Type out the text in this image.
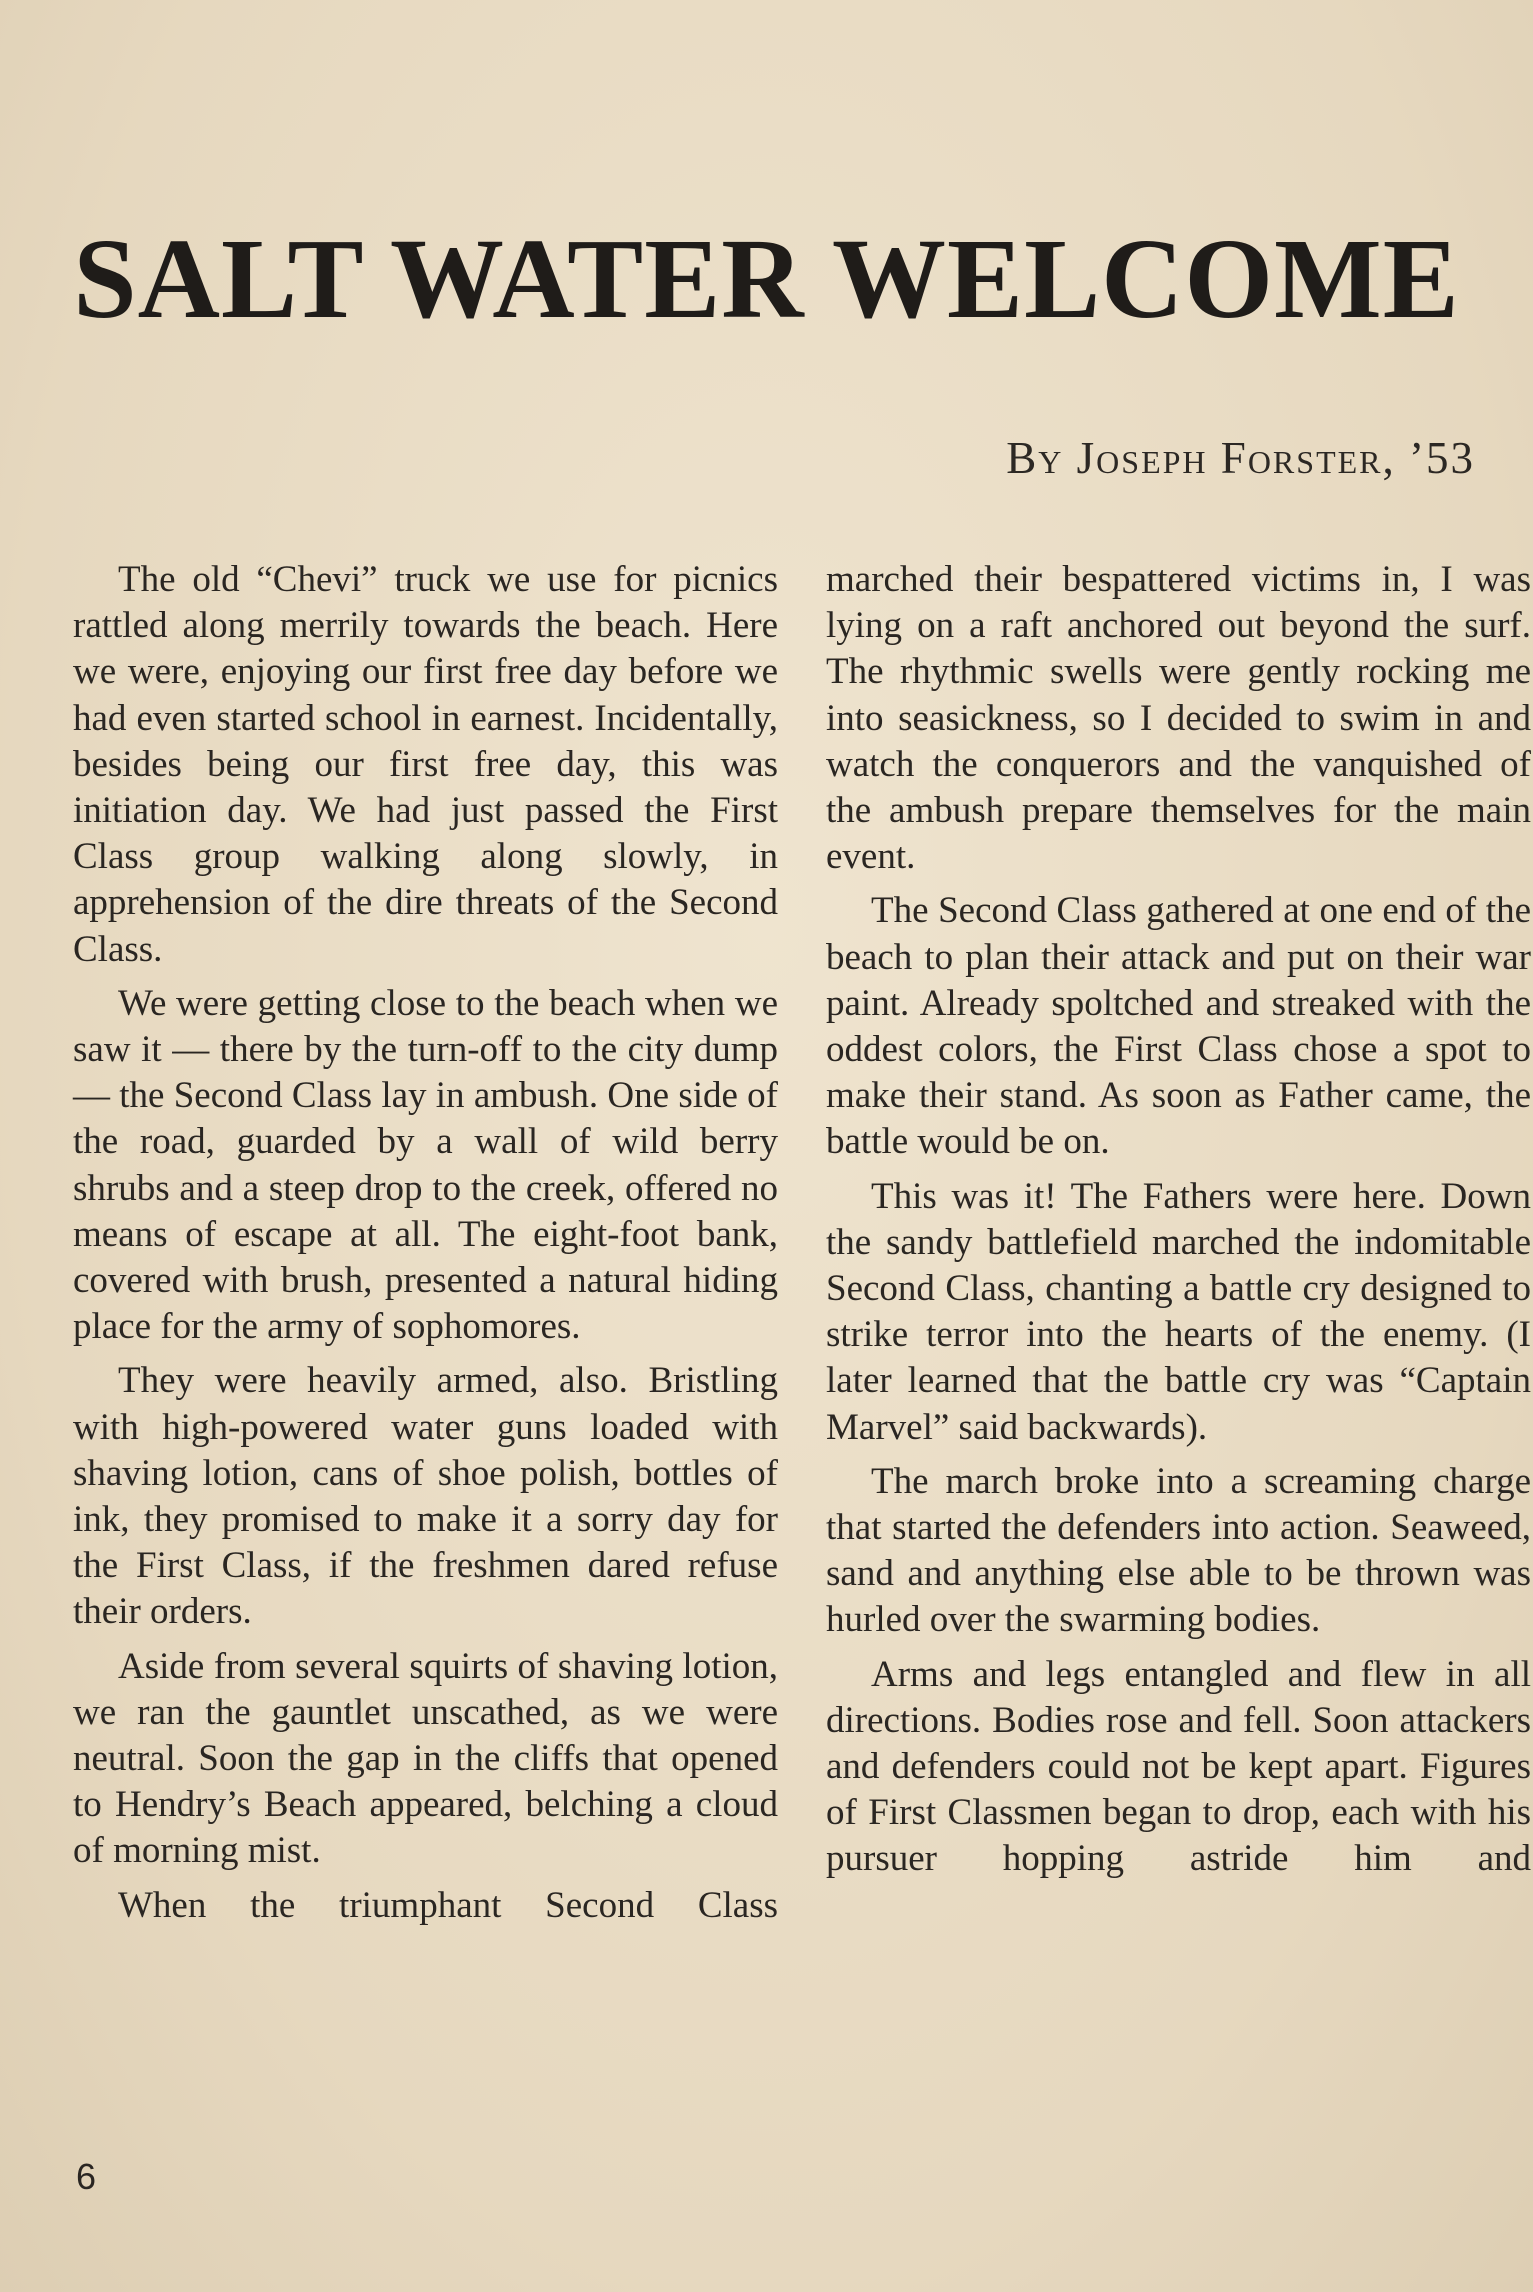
SALT WATER WELCOME
By Joseph Forster, ’53

The old “Chevi” truck we use for picnics rattled along merrily towards the beach. Here we were, enjoying our first free day before we had even started school in earnest. Incidentally, besides being our first free day, this was initiation day. We had just passed the First Class group walking along slowly, in apprehension of the dire threats of the Second Class.

We were getting close to the beach when we saw it — there by the turn-off to the city dump — the Second Class lay in ambush. One side of the road, guarded by a wall of wild berry shrubs and a steep drop to the creek, offered no means of escape at all. The eight-foot bank, covered with brush, presented a natural hiding place for the army of sophomores.

They were heavily armed, also. Bristling with high-powered water guns loaded with shaving lotion, cans of shoe polish, bottles of ink, they promised to make it a sorry day for the First Class, if the freshmen dared refuse their orders.

Aside from several squirts of shaving lotion, we ran the gauntlet unscathed, as we were neutral. Soon the gap in the cliffs that opened to Hendry’s Beach appeared, belching a cloud of morning mist.

When the triumphant Second Class

marched their bespattered victims in, I was lying on a raft anchored out beyond the surf. The rhythmic swells were gently rocking me into seasickness, so I decided to swim in and watch the conquerors and the vanquished of the ambush prepare themselves for the main event.

The Second Class gathered at one end of the beach to plan their attack and put on their war paint. Already spoltched and streaked with the oddest colors, the First Class chose a spot to make their stand. As soon as Father came, the battle would be on.

This was it! The Fathers were here. Down the sandy battlefield marched the indomitable Second Class, chanting a battle cry designed to strike terror into the hearts of the enemy. (I later learned that the battle cry was “Captain Marvel” said backwards).

The march broke into a screaming charge that started the defenders into action. Seaweed, sand and anything else able to be thrown was hurled over the swarming bodies.

Arms and legs entangled and flew in all directions. Bodies rose and fell. Soon attackers and defenders could not be kept apart. Figures of First Classmen began to drop, each with his pursuer hopping astride him and

6
